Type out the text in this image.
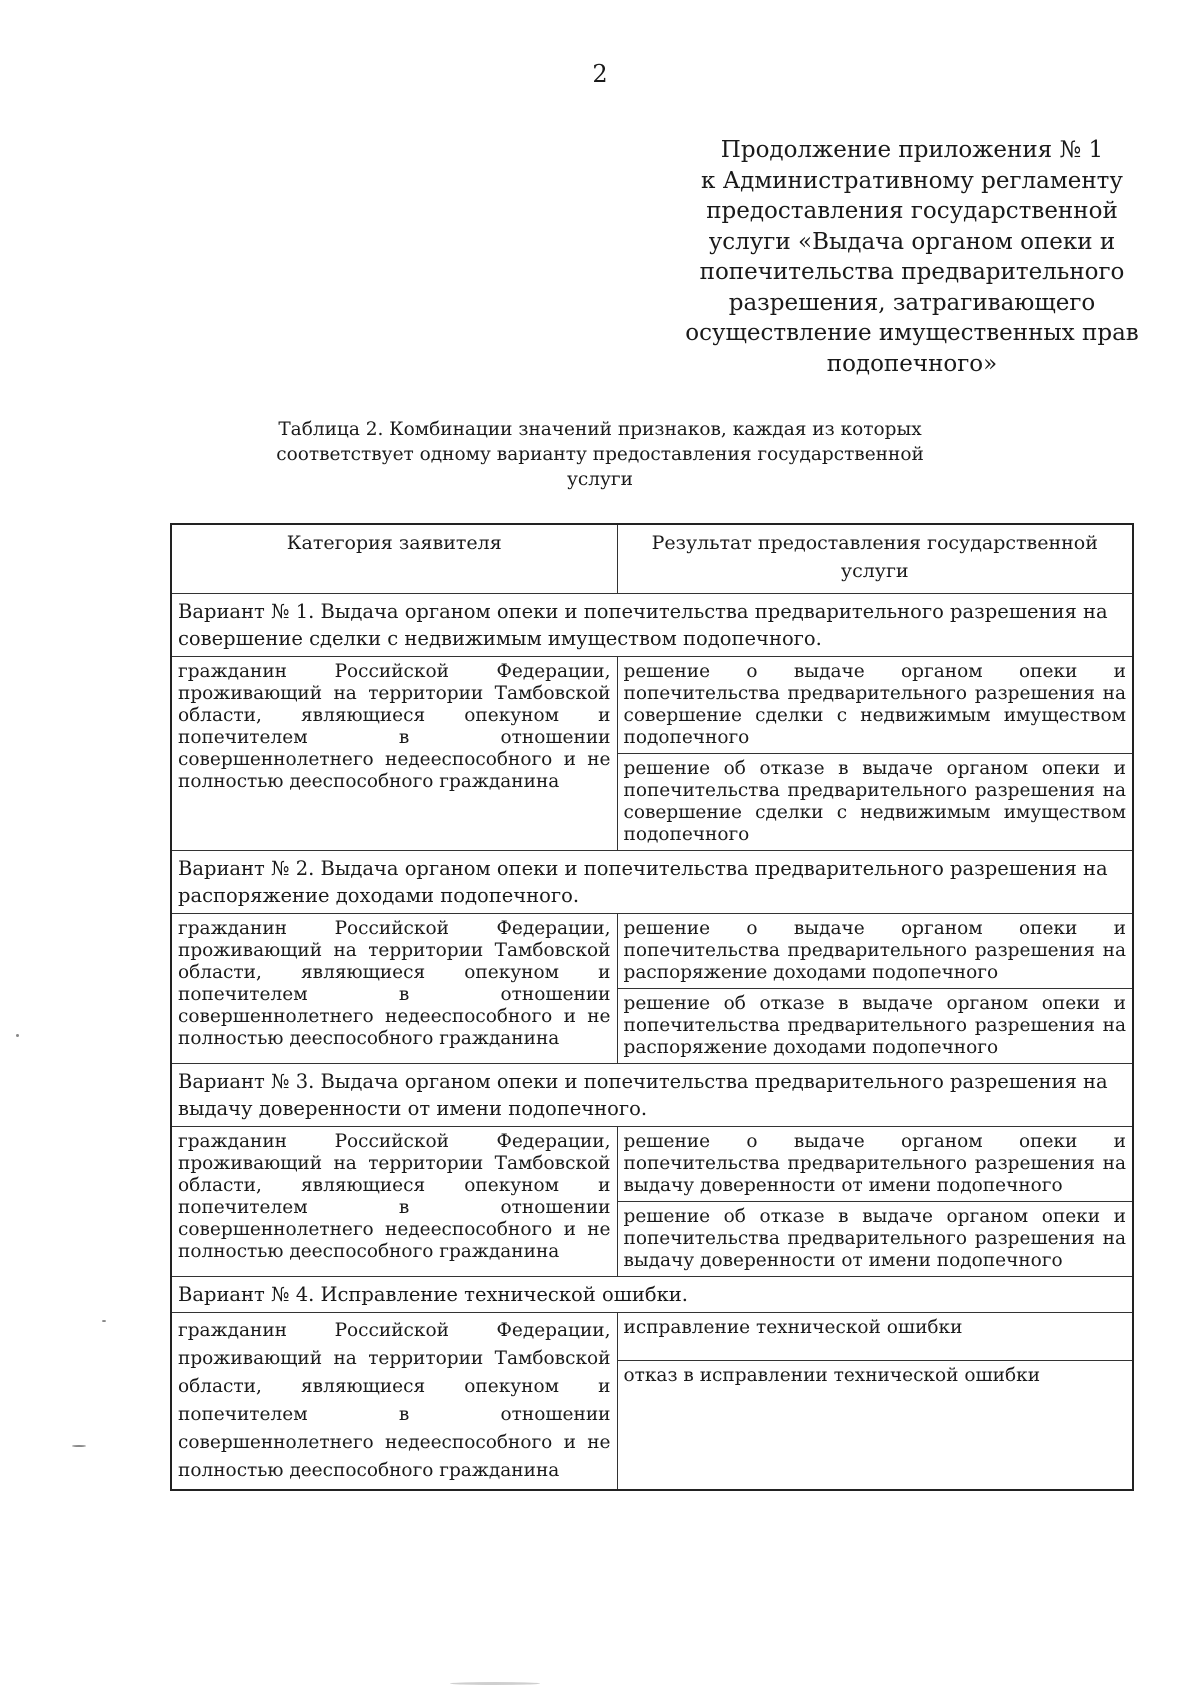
2
Продолжение приложения № 1
к Административному регламенту
предоставления государственной
услуги «Выдача органом опеки и
попечительства предварительного
разрешения, затрагивающего
осуществление имущественных прав
подопечного»
Таблица 2. Комбинации значений признаков, каждая из которых
соответствует одному варианту предоставления государственной
услуги
Категория заявителя	Результат предоставления государственной услуги
Вариант № 1. Выдача органом опеки и попечительства предварительного разрешения на совершение сделки с недвижимым имуществом подопечного.	
гражданин Российской Федерации, проживающий на территории Тамбовской области, являющиеся опекуном и попечителем в отношении совершеннолетнего недееспособного и не полностью дееспособного гражданина	решение о выдаче органом опеки и попечительства предварительного разрешения на совершение сделки с недвижимым имуществом подопечного
	решение об отказе в выдаче органом опеки и попечительства предварительного разрешения на совершение сделки с недвижимым имуществом подопечного
Вариант № 2. Выдача органом опеки и попечительства предварительного разрешения на распоряжение доходами подопечного.	
гражданин Российской Федерации, проживающий на территории Тамбовской области, являющиеся опекуном и попечителем в отношении совершеннолетнего недееспособного и не полностью дееспособного гражданина	решение о выдаче органом опеки и попечительства предварительного разрешения на распоряжение доходами подопечного
	решение об отказе в выдаче органом опеки и попечительства предварительного разрешения на распоряжение доходами подопечного
Вариант № 3. Выдача органом опеки и попечительства предварительного разрешения на выдачу доверенности от имени подопечного.	
гражданин Российской Федерации, проживающий на территории Тамбовской области, являющиеся опекуном и попечителем в отношении совершеннолетнего недееспособного и не полностью дееспособного гражданина	решение о выдаче органом опеки и попечительства предварительного разрешения на выдачу доверенности от имени подопечного
	решение об отказе в выдаче органом опеки и попечительства предварительного разрешения на выдачу доверенности от имени подопечного
Вариант № 4. Исправление технической ошибки.	
гражданин Российской Федерации, проживающий на территории Тамбовской области, являющиеся опекуном и попечителем в отношении совершеннолетнего недееспособного и не полностью дееспособного гражданина	исправление технической ошибки
	отказ в исправлении технической ошибки
